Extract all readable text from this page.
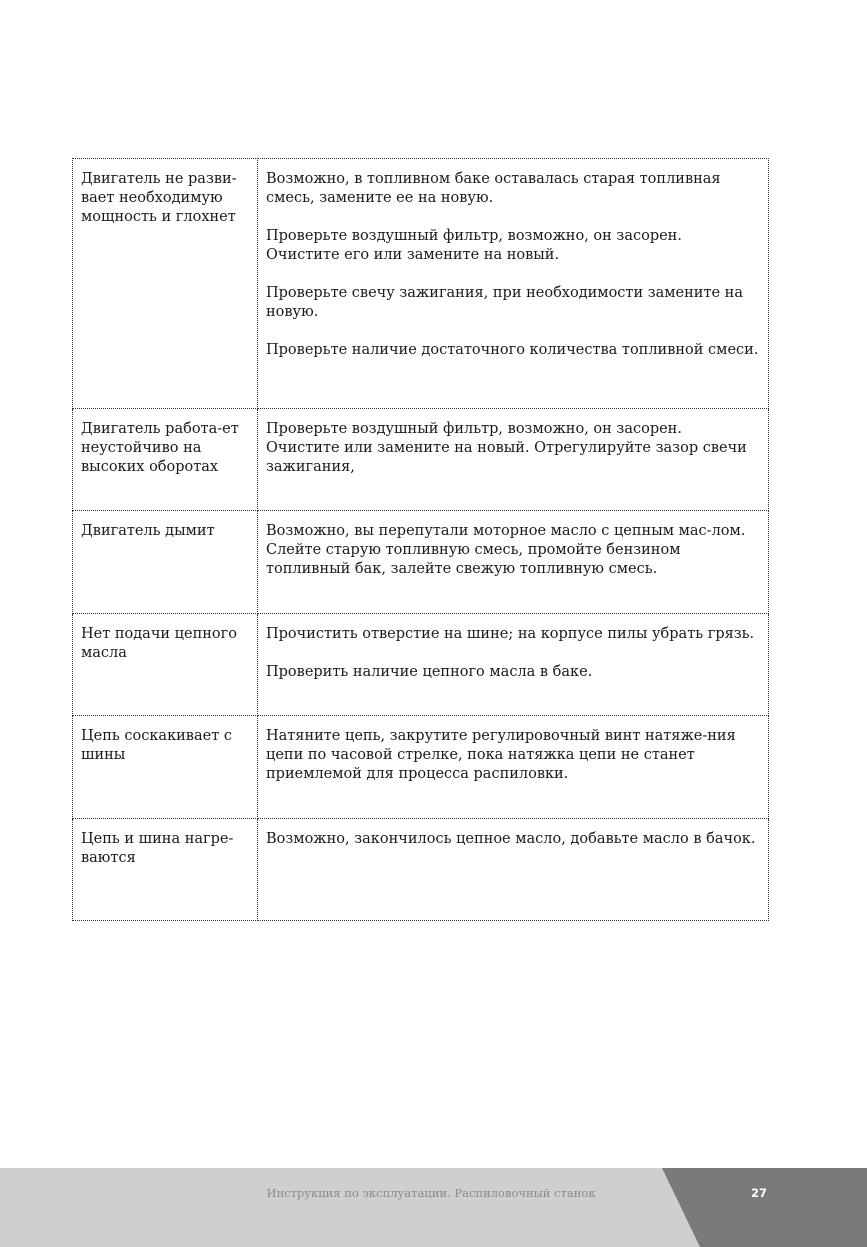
Двигатель не разви-вает необходимую мощность и глохнет	Возможно, в топливном баке оставалась старая топливная смесь, замените ее на новую.

Проверьте воздушный фильтр, возможно, он засорен. Очистите его или замените на новый.

Проверьте свечу зажигания, при необходимости замените на новую.

Проверьте наличие достаточного количества топливной смеси.

Двигатель работа-ет неустойчиво на высоких оборотах	Проверьте воздушный фильтр, возможно, он засорен. Очистите или замените на новый. Отрегулируйте зазор свечи зажигания,

Двигатель дымит	Возможно, вы перепутали моторное масло с цепным мас-лом. Слейте старую топливную смесь, промойте бензином топливный бак, залейте свежую топливную смесь.

Нет подачи цепного масла	Прочистить отверстие на шине; на корпусе пилы убрать грязь.

Проверить наличие цепного масла в баке.

Цепь соскакивает с шины	Натяните цепь, закрутите регулировочный винт натяже-ния цепи по часовой стрелке, пока натяжка цепи не станет приемлемой для процесса распиловки.

Цепь и шина нагре-ваются	Возможно, закончилось цепное масло, добавьте масло в бачок.

Инструкция по эксплуатации. Распиловочный станок	27
